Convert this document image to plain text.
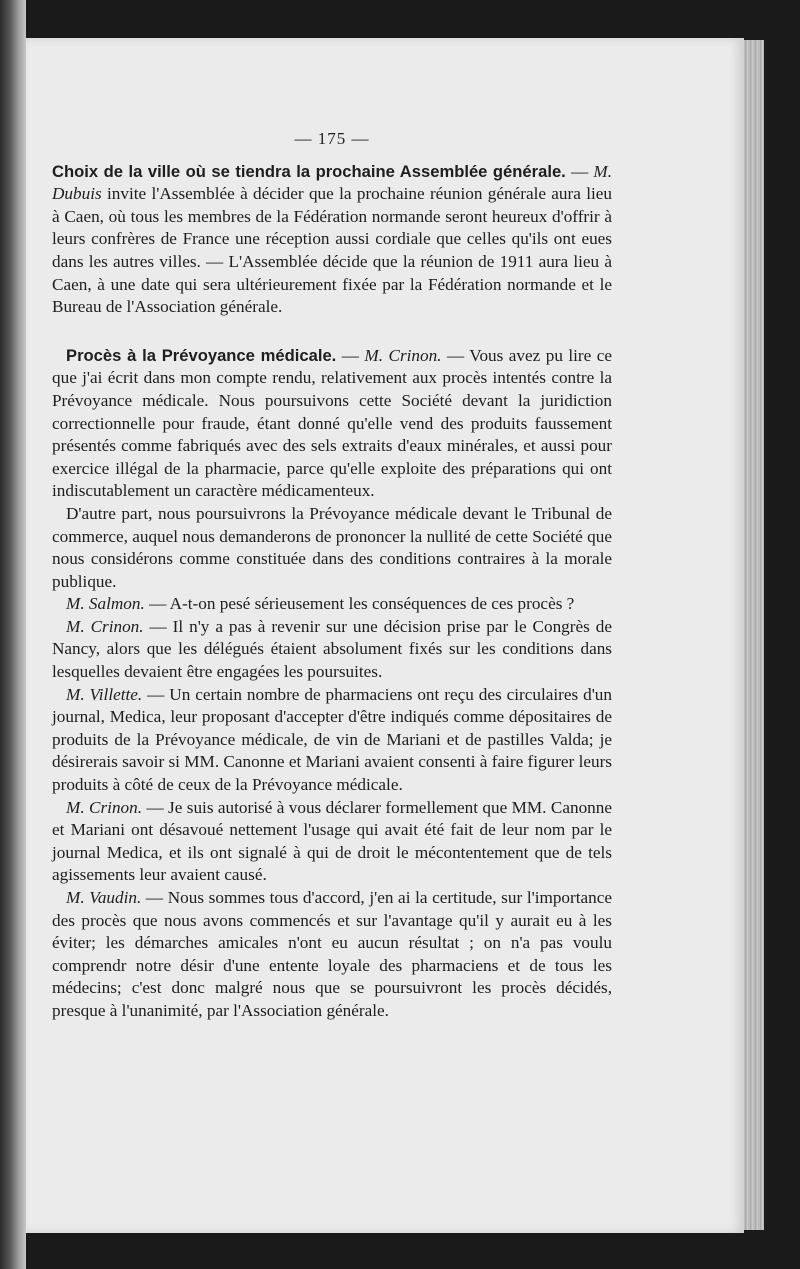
— 175 —

Choix de la ville où se tiendra la prochaine Assemblée générale. — M. Dubuis invite l'Assemblée à décider que la prochaine réunion générale aura lieu à Caen, où tous les membres de la Fédération normande seront heureux d'offrir à leurs confrères de France une réception aussi cordiale que celles qu'ils ont eues dans les autres villes. — L'Assemblée décide que la réunion de 1911 aura lieu à Caen, à une date qui sera ultérieurement fixée par la Fédération normande et le Bureau de l'Association générale.

Procès à la Prévoyance médicale. — M. Crinon. — Vous avez pu lire ce que j'ai écrit dans mon compte rendu, relativement aux procès intentés contre la Prévoyance médicale. Nous poursuivons cette Société devant la juridiction correctionnelle pour fraude, étant donné qu'elle vend des produits faussement présentés comme fabriqués avec des sels extraits d'eaux minérales, et aussi pour exercice illégal de la pharmacie, parce qu'elle exploite des préparations qui ont indiscutablement un caractère médicamenteux.

D'autre part, nous poursuivrons la Prévoyance médicale devant le Tribunal de commerce, auquel nous demanderons de prononcer la nullité de cette Société que nous considérons comme constituée dans des conditions contraires à la morale publique.

M. Salmon. — A-t-on pesé sérieusement les conséquences de ces procès ?

M. Crinon. — Il n'y a pas à revenir sur une décision prise par le Congrès de Nancy, alors que les délégués étaient absolument fixés sur les conditions dans lesquelles devaient être engagées les poursuites.

M. Villette. — Un certain nombre de pharmaciens ont reçu des circulaires d'un journal, Medica, leur proposant d'accepter d'être indiqués comme dépositaires de produits de la Prévoyance médicale, de vin de Mariani et de pastilles Valda; je désirerais savoir si MM. Canonne et Mariani avaient consenti à faire figurer leurs produits à côté de ceux de la Prévoyance médicale.

M. Crinon. — Je suis autorisé à vous déclarer formellement que MM. Canonne et Mariani ont désavoué nettement l'usage qui avait été fait de leur nom par le journal Medica, et ils ont signalé à qui de droit le mécontentement que de tels agissements leur avaient causé.

M. Vaudin. — Nous sommes tous d'accord, j'en ai la certitude, sur l'importance des procès que nous avons commencés et sur l'avantage qu'il y aurait eu à les éviter; les démarches amicales n'ont eu aucun résultat ; on n'a pas voulu comprendr notre désir d'une entente loyale des pharmaciens et de tous les médecins; c'est donc malgré nous que se poursuivront les procès décidés, presque à l'unanimité, par l'Association générale.
